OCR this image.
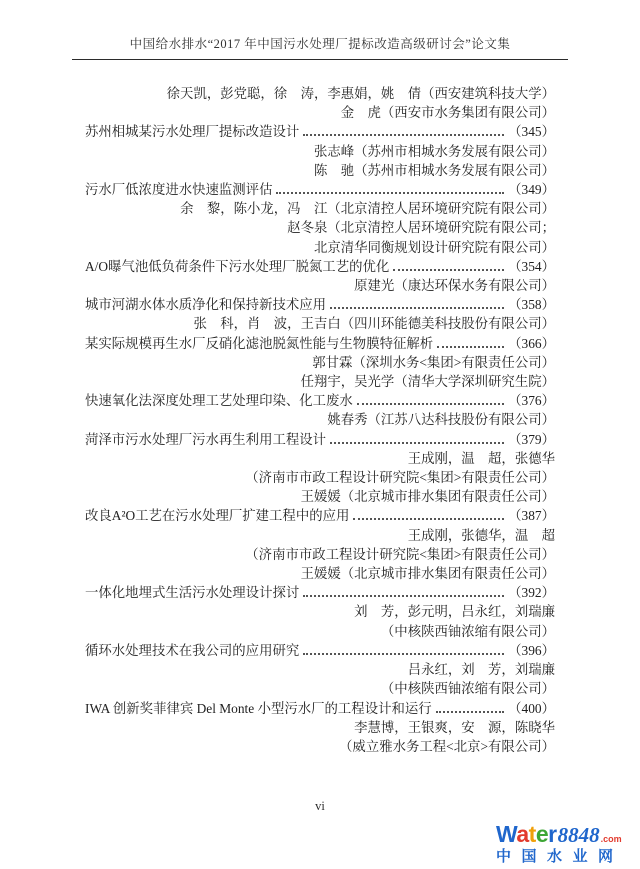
中国给水排水“2017 年中国污水处理厂提标改造高级研讨会”论文集
徐天凯，彭党聪，徐　涛，李惠娟，姚　倩（西安建筑科技大学）
金　虎（西安市水务集团有限公司）
苏州相城某污水处理厂提标改造设计	（345）
张志峰（苏州市相城水务发展有限公司）
陈　驰（苏州市相城水务发展有限公司）
污水厂低浓度进水快速监测评估	（349）
余　黎，陈小龙，冯　江（北京清控人居环境研究院有限公司）
赵冬泉（北京清控人居环境研究院有限公司；
北京清华同衡规划设计研究院有限公司）
A/O曝气池低负荷条件下污水处理厂脱氮工艺的优化	（354）
原建光（康达环保水务有限公司）
城市河湖水体水质净化和保持新技术应用	（358）
张　科，肖　波，王吉白（四川环能德美科技股份有限公司）
某实际规模再生水厂反硝化滤池脱氮性能与生物膜特征解析	（366）
郭甘霖（深圳水务<集团>有限责任公司）
任翔宇，吴光学（清华大学深圳研究生院）
快速氧化法深度处理工艺处理印染、化工废水	（376）
姚春秀（江苏八达科技股份有限公司）
菏泽市污水处理厂污水再生利用工程设计	（379）
王成刚，温　超，张德华
（济南市市政工程设计研究院<集团>有限责任公司）
王媛媛（北京城市排水集团有限责任公司）
改良A²O工艺在污水处理厂扩建工程中的应用	（387）
王成刚，张德华，温　超
（济南市市政工程设计研究院<集团>有限责任公司）
王媛媛（北京城市排水集团有限责任公司）
一体化地埋式生活污水处理设计探讨	（392）
刘　芳，彭元明，吕永红，刘瑞廉
（中核陕西铀浓缩有限公司）
循环水处理技术在我公司的应用研究	（396）
吕永红，刘　芳，刘瑞廉
（中核陕西铀浓缩有限公司）
IWA 创新奖菲律宾 Del Monte 小型污水厂的工程设计和运行	（400）
李慧博，王银爽，安　源，陈晓华
（威立雅水务工程<北京>有限公司）
vi
Water 8848 .com
中国水业网
